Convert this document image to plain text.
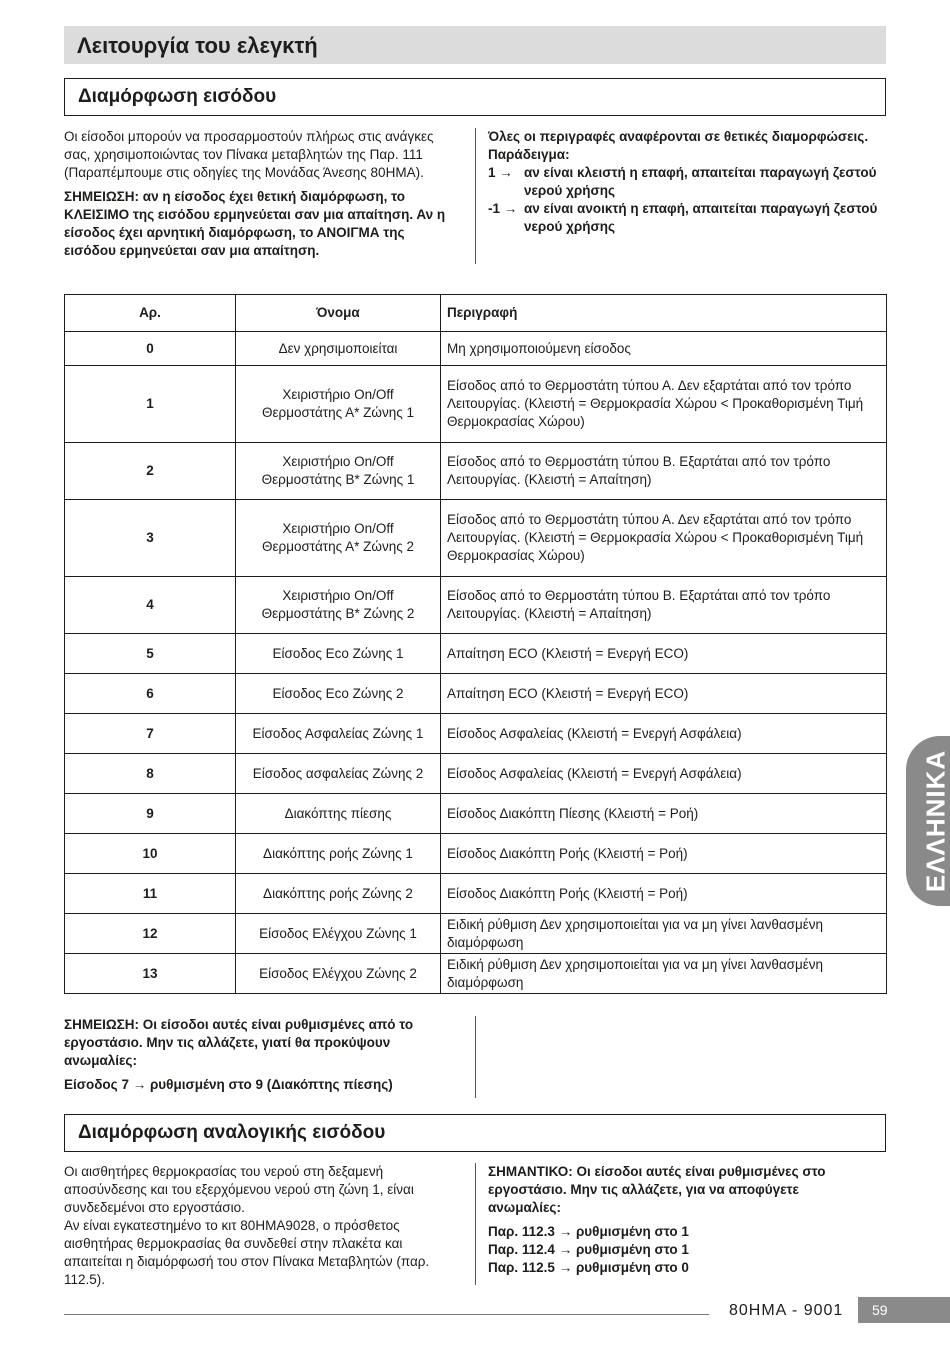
Λειτουργία του ελεγκτή
Διαμόρφωση εισόδου

Οι είσοδοι μπορούν να προσαρμοστούν πλήρως στις ανάγκες σας, χρησιμοποιώντας τον Πίνακα μεταβλητών της Παρ. 111 (Παραπέμπουμε στις οδηγίες της Μονάδας Άνεσης 80HMA).

ΣΗΜΕΙΩΣΗ: αν η είσοδος έχει θετική διαμόρφωση, το ΚΛΕΙΣΙΜΟ της εισόδου ερμηνεύεται σαν μια απαίτηση. Αν η είσοδος έχει αρνητική διαμόρφωση, το ΑΝΟΙΓΜΑ της εισόδου ερμηνεύεται σαν μια απαίτηση.

Όλες οι περιγραφές αναφέρονται σε θετικές διαμορφώσεις.
Παράδειγμα:
1 → αν είναι κλειστή η επαφή, απαιτείται παραγωγή ζεστού νερού χρήσης
-1 → αν είναι ανοικτή η επαφή, απαιτείται παραγωγή ζεστού νερού χρήσης
Αρ.	Όνομα	Περιγραφή
0	Δεν χρησιμοποιείται	Μη χρησιμοποιούμενη είσοδος
1	Χειριστήριο On/Off Θερμοστάτης Α* Ζώνης 1	Είσοδος από το Θερμοστάτη τύπου Α. Δεν εξαρτάται από τον τρόπο Λειτουργίας. (Κλειστή = Θερμοκρασία Χώρου < Προκαθορισμένη Τιμή Θερμοκρασίας Χώρου)
2	Χειριστήριο On/Off Θερμοστάτης Β* Ζώνης 1	Είσοδος από το Θερμοστάτη τύπου Β. Εξαρτάται από τον τρόπο Λειτουργίας. (Κλειστή = Απαίτηση)
3	Χειριστήριο On/Off Θερμοστάτης Α* Ζώνης 2	Είσοδος από το Θερμοστάτη τύπου Α. Δεν εξαρτάται από τον τρόπο Λειτουργίας. (Κλειστή = Θερμοκρασία Χώρου < Προκαθορισμένη Τιμή Θερμοκρασίας Χώρου)
4	Χειριστήριο On/Off Θερμοστάτης Β* Ζώνης 2	Είσοδος από το Θερμοστάτη τύπου Β. Εξαρτάται από τον τρόπο Λειτουργίας. (Κλειστή = Απαίτηση)
5	Είσοδος Eco Ζώνης 1	Απαίτηση ECO (Κλειστή = Ενεργή ECO)
6	Είσοδος Eco Ζώνης 2	Απαίτηση ECO (Κλειστή = Ενεργή ECO)
7	Είσοδος Ασφαλείας Ζώνης 1	Είσοδος Ασφαλείας (Κλειστή = Ενεργή Ασφάλεια)
8	Είσοδος ασφαλείας Ζώνης 2	Είσοδος Ασφαλείας (Κλειστή = Ενεργή Ασφάλεια)
9	Διακόπτης πίεσης	Είσοδος Διακόπτη Πίεσης (Κλειστή = Ροή)
10	Διακόπτης ροής Ζώνης 1	Είσοδος Διακόπτη Ροής (Κλειστή = Ροή)
11	Διακόπτης ροής Ζώνης 2	Είσοδος Διακόπτη Ροής (Κλειστή = Ροή)
12	Είσοδος Ελέγχου Ζώνης 1	Ειδική ρύθμιση Δεν χρησιμοποιείται για να μη γίνει λανθασμένη διαμόρφωση
13	Είσοδος Ελέγχου Ζώνης 2	Ειδική ρύθμιση Δεν χρησιμοποιείται για να μη γίνει λανθασμένη διαμόρφωση

ΣΗΜΕΙΩΣΗ: Οι είσοδοι αυτές είναι ρυθμισμένες από το εργοστάσιο. Μην τις αλλάζετε, γιατί θα προκύψουν ανωμαλίες:

Είσοδος 7 → ρυθμισμένη στο 9 (Διακόπτης πίεσης)

Διαμόρφωση αναλογικής εισόδου
Οι αισθητήρες θερμοκρασίας του νερού στη δεξαμενή αποσύνδεσης και του εξερχόμενου νερού στη ζώνη 1, είναι συνδεδεμένοι στο εργοστάσιο.
Αν είναι εγκατεστημένο το κιτ 80HMA9028, ο πρόσθετος αισθητήρας θερμοκρασίας θα συνδεθεί στην πλακέτα και απαιτείται η διαμόρφωσή του στον Πίνακα Μεταβλητών (παρ. 112.5).

ΣΗΜΑΝΤΙΚΟ: Οι είσοδοι αυτές είναι ρυθμισμένες στο εργοστάσιο. Μην τις αλλάζετε, για να αποφύγετε ανωμαλίες:

Παρ. 112.3 → ρυθμισμένη στο 1
Παρ. 112.4 → ρυθμισμένη στο 1
Παρ. 112.5 → ρυθμισμένη στο 0
ΕΛΛΗΝΙΚΑ
80HMA - 9001	59
